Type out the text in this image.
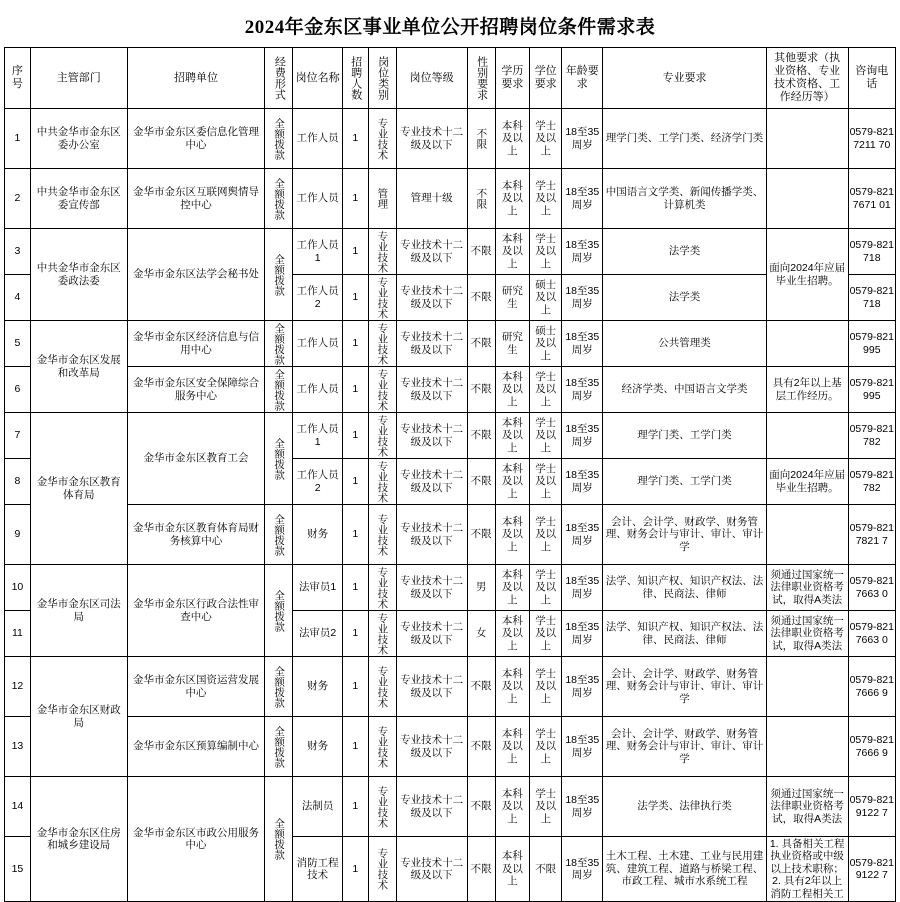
2024年金东区事业单位公开招聘岗位条件需求表
序号	主管部门	招聘单位	经费形式	岗位名称	招聘人数	岗位类别	岗位等级	性别要求	学历要求	学位要求	年龄要求	专业要求	其他要求（执业资格、专业技术资格、工作经历等）	咨询电话
1	中共金华市金东区委办公室	金华市金东区委信息化管理中心	全额拨款	工作人员	1	专业技术	专业技术十二级及以下	不限	本科及以上	学士及以上	18至35周岁	理学门类、工学门类、经济学门类		0579-8217211 70
2	中共金华市金东区委宣传部	金华市金东区互联网舆情导控中心	全额拨款	工作人员	1	管理	管理十级	不限	本科及以上	学士及以上	18至35周岁	中国语言文学类、新闻传播学类、计算机类		0579-8217671 01
3	中共金华市金东区委政法委	金华市金东区法学会秘书处	全额拨款	工作人员1	1	专业技术	专业技术十二级及以下	不限	本科及以上	学士及以上	18至35周岁	法学类	面向2024年应届毕业生招聘。	0579-821718
4				工作人员2	1	专业技术	专业技术十二级及以下	不限	研究生	硕士及以上	18至35周岁	法学类		0579-821718
5	金华市金东区发展和改革局	金华市金东区经济信息与信用中心	全额拨款	工作人员	1	专业技术	专业技术十二级及以下	不限	研究生	硕士及以上	18至35周岁	公共管理类		0579-821995
6		金华市金东区安全保障综合服务中心	全额拨款	工作人员	1	专业技术	专业技术十二级及以下	不限	本科及以上	学士及以上	18至35周岁	经济学类、中国语言文学类	具有2年以上基层工作经历。	0579-821995
7	金华市金东区教育体育局	金华市金东区教育工会	全额拨款	工作人员1	1	专业技术	专业技术十二级及以下	不限	本科及以上	学士及以上	18至35周岁	理学门类、工学门类		0579-821782
8				工作人员2	1	专业技术	专业技术十二级及以下	不限	本科及以上	学士及以上	18至35周岁	理学门类、工学门类	面向2024年应届毕业生招聘。	0579-821782
9		金华市金东区教育体育局财务核算中心	全额拨款	财务	1	专业技术	专业技术十二级及以下	不限	本科及以上	学士及以上	18至35周岁	会计、会计学、财政学、财务管理、财务会计与审计、审计、审计学		0579-8217821 7
10	金华市金东区司法局	金华市金东区行政合法性审查中心	全额拨款	法审员1	1	专业技术	专业技术十二级及以下	男	本科及以上	学士及以上	18至35周岁	法学、知识产权、知识产权法、法律、民商法、律师	须通过国家统一法律职业资格考试，取得A类法	0579-8217663 0
11				法审员2	1	专业技术	专业技术十二级及以下	女	本科及以上	学士及以上	18至35周岁	法学、知识产权、知识产权法、法律、民商法、律师	须通过国家统一法律职业资格考试，取得A类法	0579-8217663 0
12	金华市金东区财政局	金华市金东区国资运营发展中心	全额拨款	财务	1	专业技术	专业技术十二级及以下	不限	本科及以上	学士及以上	18至35周岁	会计、会计学、财政学、财务管理、财务会计与审计、审计、审计学		0579-8217666 9
13		金华市金东区预算编制中心	全额拨款	财务	1	专业技术	专业技术十二级及以下	不限	本科及以上	学士及以上	18至35周岁	会计、会计学、财政学、财务管理、财务会计与审计、审计、审计学		0579-8217666 9
14	金华市金东区住房和城乡建设局	金华市金东区市政公用服务中心	全额拨款	法制员	1	专业技术	专业技术十二级及以下	不限	本科及以上	学士及以上	18至35周岁	法学类、法律执行类	须通过国家统一法律职业资格考试，取得A类法	0579-8219122 7
15				消防工程技术	1	专业技术	专业技术十二级及以下	不限	本科及以上	不限	18至35周岁	土木工程、土木建、工业与民用建筑、建筑工程、道路与桥梁工程、市政工程、城市水系统工程	1. 具备相关工程执业资格或中级以上技术职称；2. 具有2年以上消防工程相关工	0579-8219122 7
